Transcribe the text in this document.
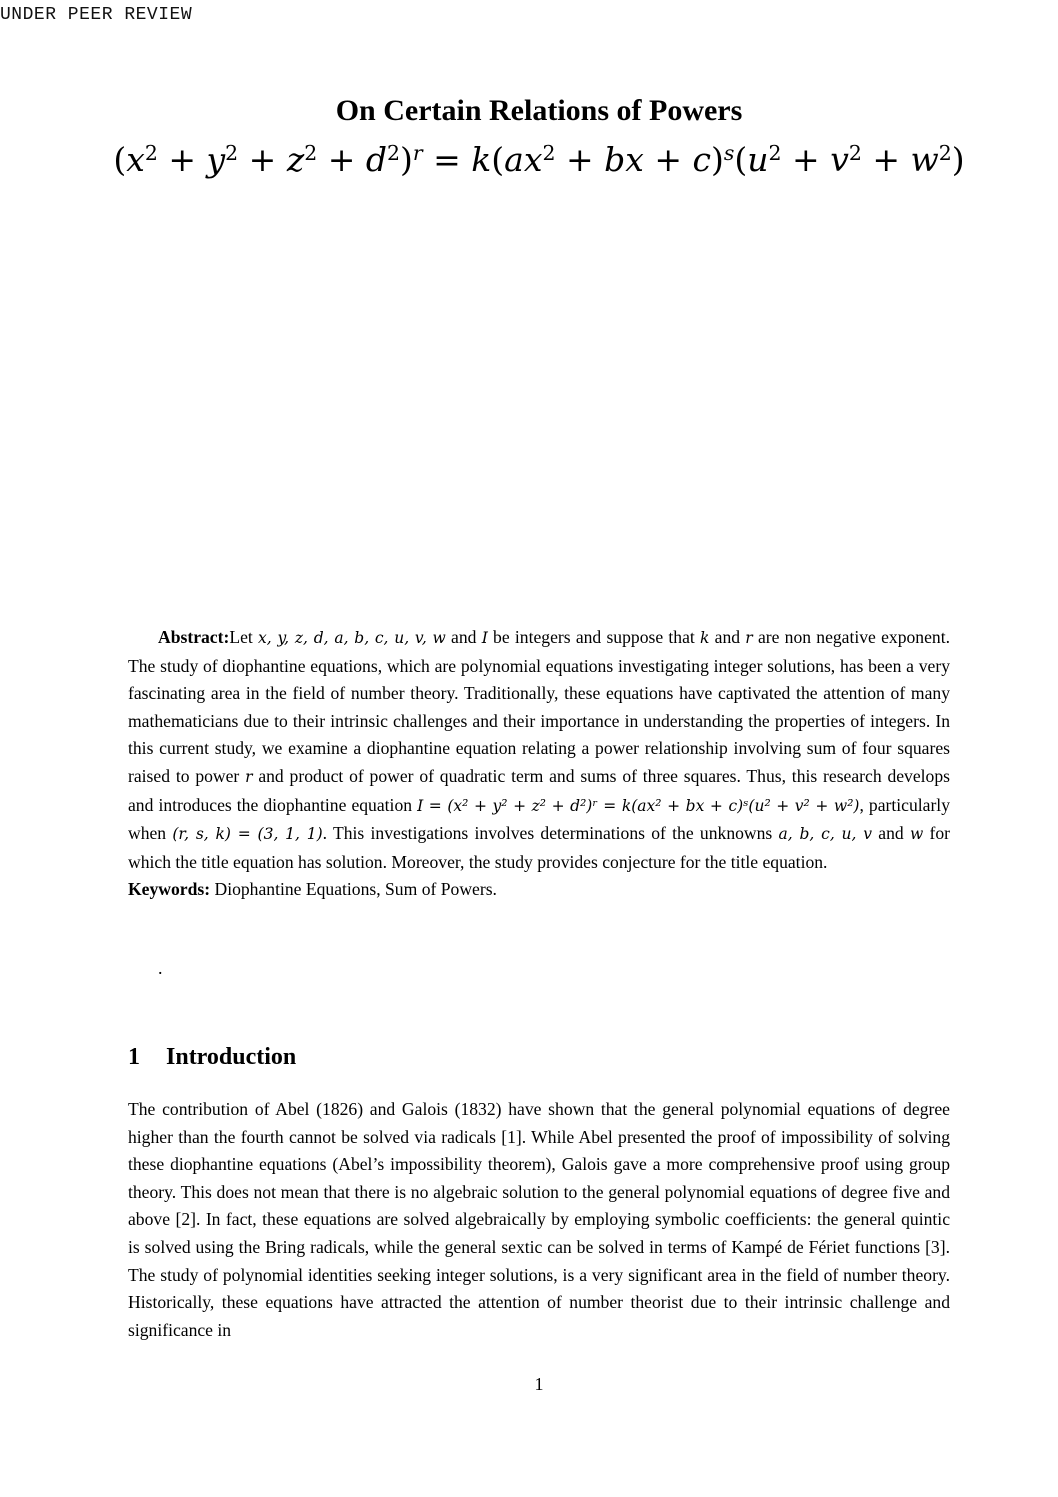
UNDER PEER REVIEW
On Certain Relations of Powers
$(x^2 + y^2 + z^2 + d^2)^r = k(ax^2$ + bx + $c)^s(u^2 + v^2 + w^2)$

Abstract:Let x, y, z, d, a, b, c, u, v, w and I be integers and suppose that k and r are non negative exponent. The study of diophantine equations, which are polynomial equations investigating integer solutions, has been a very fascinating area in the field of number theory. Traditionally, these equations have captivated the attention of many mathematicians due to their intrinsic challenges and their importance in understanding the properties of integers. In this current study, we examine a diophantine equation relating a power relationship involving sum of four squares raised to power r and product of power of quadratic term and sums of three squares. Thus, this research develops and introduces the diophantine equation I = (x² + y² + z² + d²)ʳ = k(ax² + bx + c)ˢ(u² + v² + w²), particularly when (r, s, k) = (3, 1, 1). This investigations involves determinations of the unknowns a, b, c, u, v and w for which the title equation has solution. Moreover, the study provides conjecture for the title equation.

Keywords: Diophantine Equations, Sum of Powers.

.
1 Introduction
The contribution of Abel (1826) and Galois (1832) have shown that the general polynomial equations of degree higher than the fourth cannot be solved via radicals [1]. While Abel presented the proof of impossibility of solving these diophantine equations (Abel’s impossibility theorem), Galois gave a more comprehensive proof using group theory. This does not mean that there is no algebraic solution to the general polynomial equations of degree five and above [2]. In fact, these equations are solved algebraically by employing symbolic coefficients: the general quintic is solved using the Bring radicals, while the general sextic can be solved in terms of Kampé de Fériet functions [3]. The study of polynomial identities seeking integer solutions, is a very significant area in the field of number theory. Historically, these equations have attracted the attention of number theorist due to their intrinsic challenge and significance in
1
